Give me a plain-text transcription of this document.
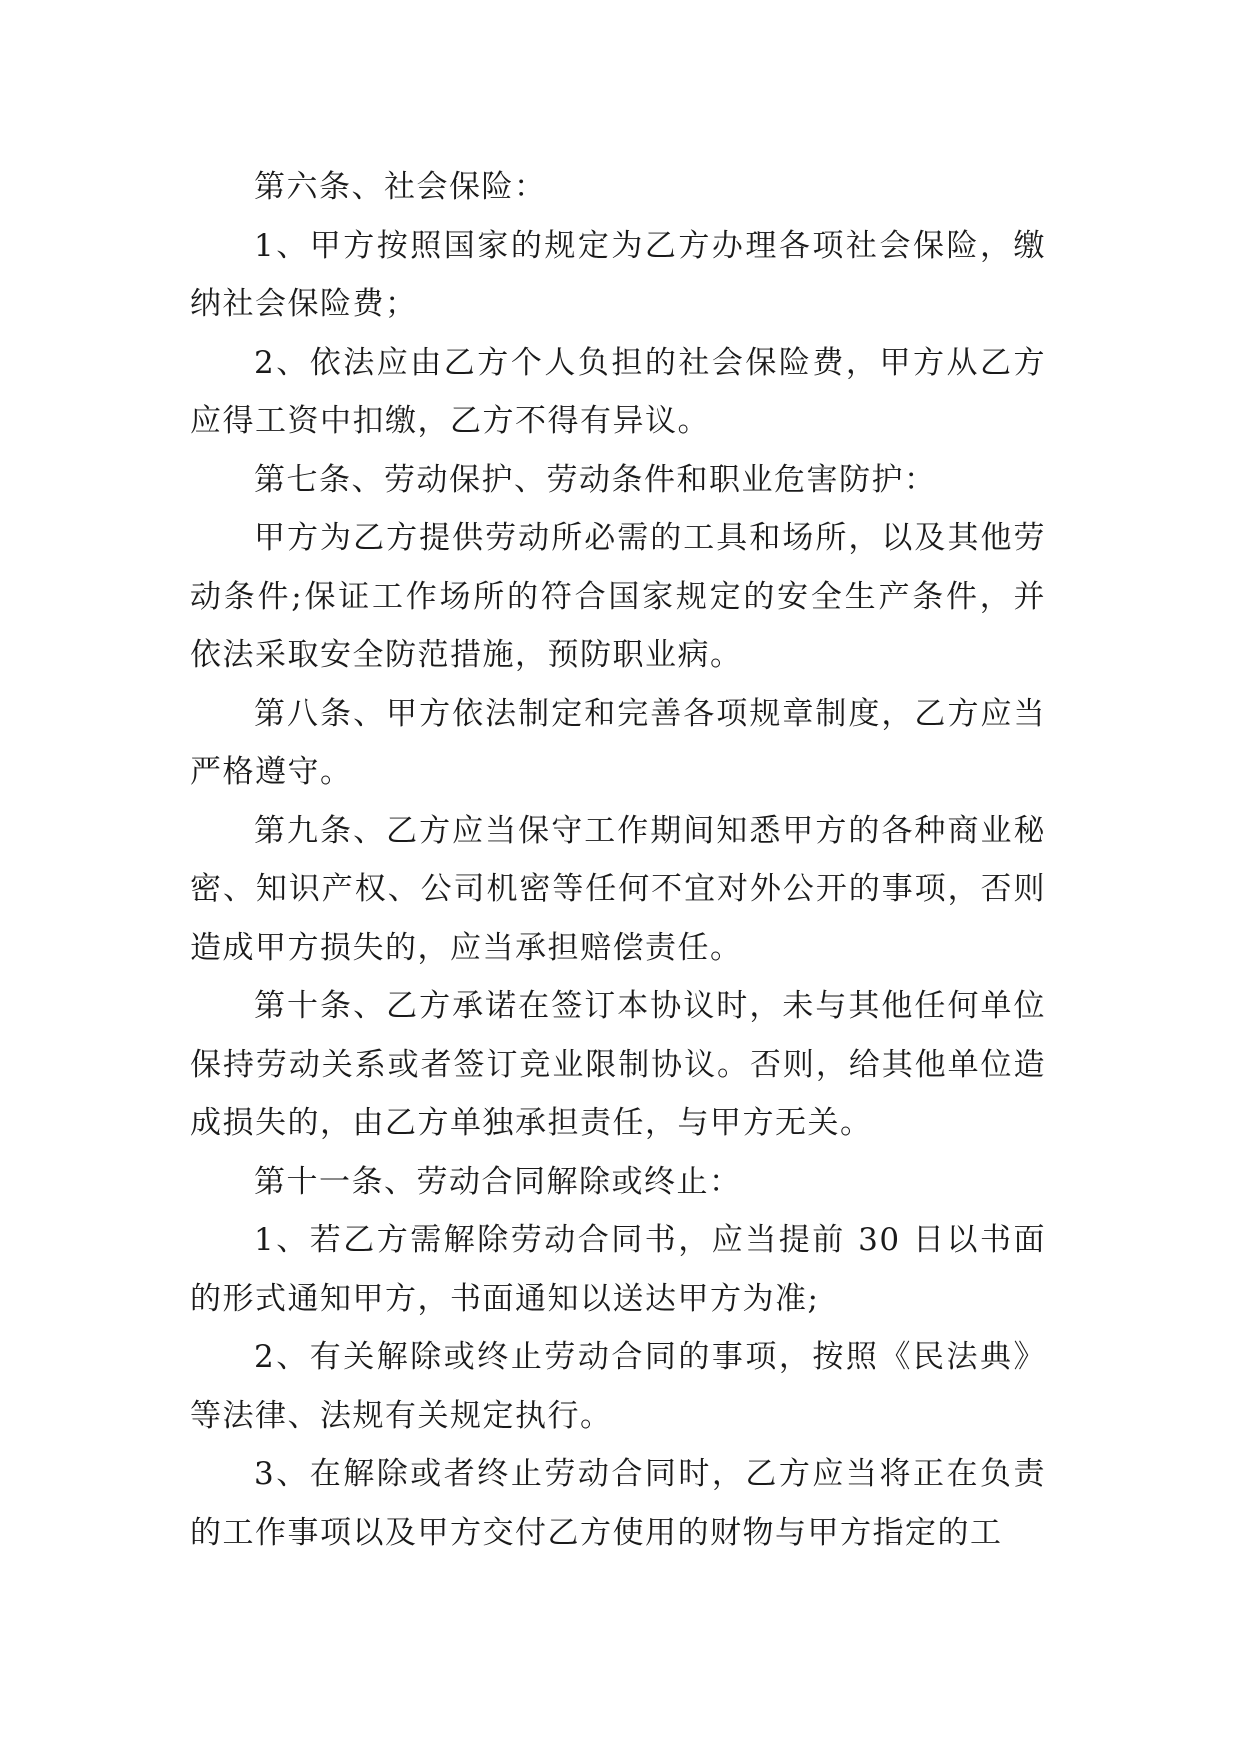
第六条、社会保险：

1、甲方按照国家的规定为乙方办理各项社会保险，缴纳社会保险费；

2、依法应由乙方个人负担的社会保险费，甲方从乙方应得工资中扣缴，乙方不得有异议。

第七条、劳动保护、劳动条件和职业危害防护：

甲方为乙方提供劳动所必需的工具和场所，以及其他劳动条件;保证工作场所的符合国家规定的安全生产条件，并依法采取安全防范措施，预防职业病。

第八条、甲方依法制定和完善各项规章制度，乙方应当严格遵守。

第九条、乙方应当保守工作期间知悉甲方的各种商业秘密、知识产权、公司机密等任何不宜对外公开的事项，否则造成甲方损失的，应当承担赔偿责任。

第十条、乙方承诺在签订本协议时，未与其他任何单位保持劳动关系或者签订竞业限制协议。否则，给其他单位造成损失的，由乙方单独承担责任，与甲方无关。

第十一条、劳动合同解除或终止：

1、若乙方需解除劳动合同书，应当提前 30 日以书面的形式通知甲方，书面通知以送达甲方为准;

2、有关解除或终止劳动合同的事项，按照《民法典》等法律、法规有关规定执行。

3、在解除或者终止劳动合同时，乙方应当将正在负责的工作事项以及甲方交付乙方使用的财物与甲方指定的工
